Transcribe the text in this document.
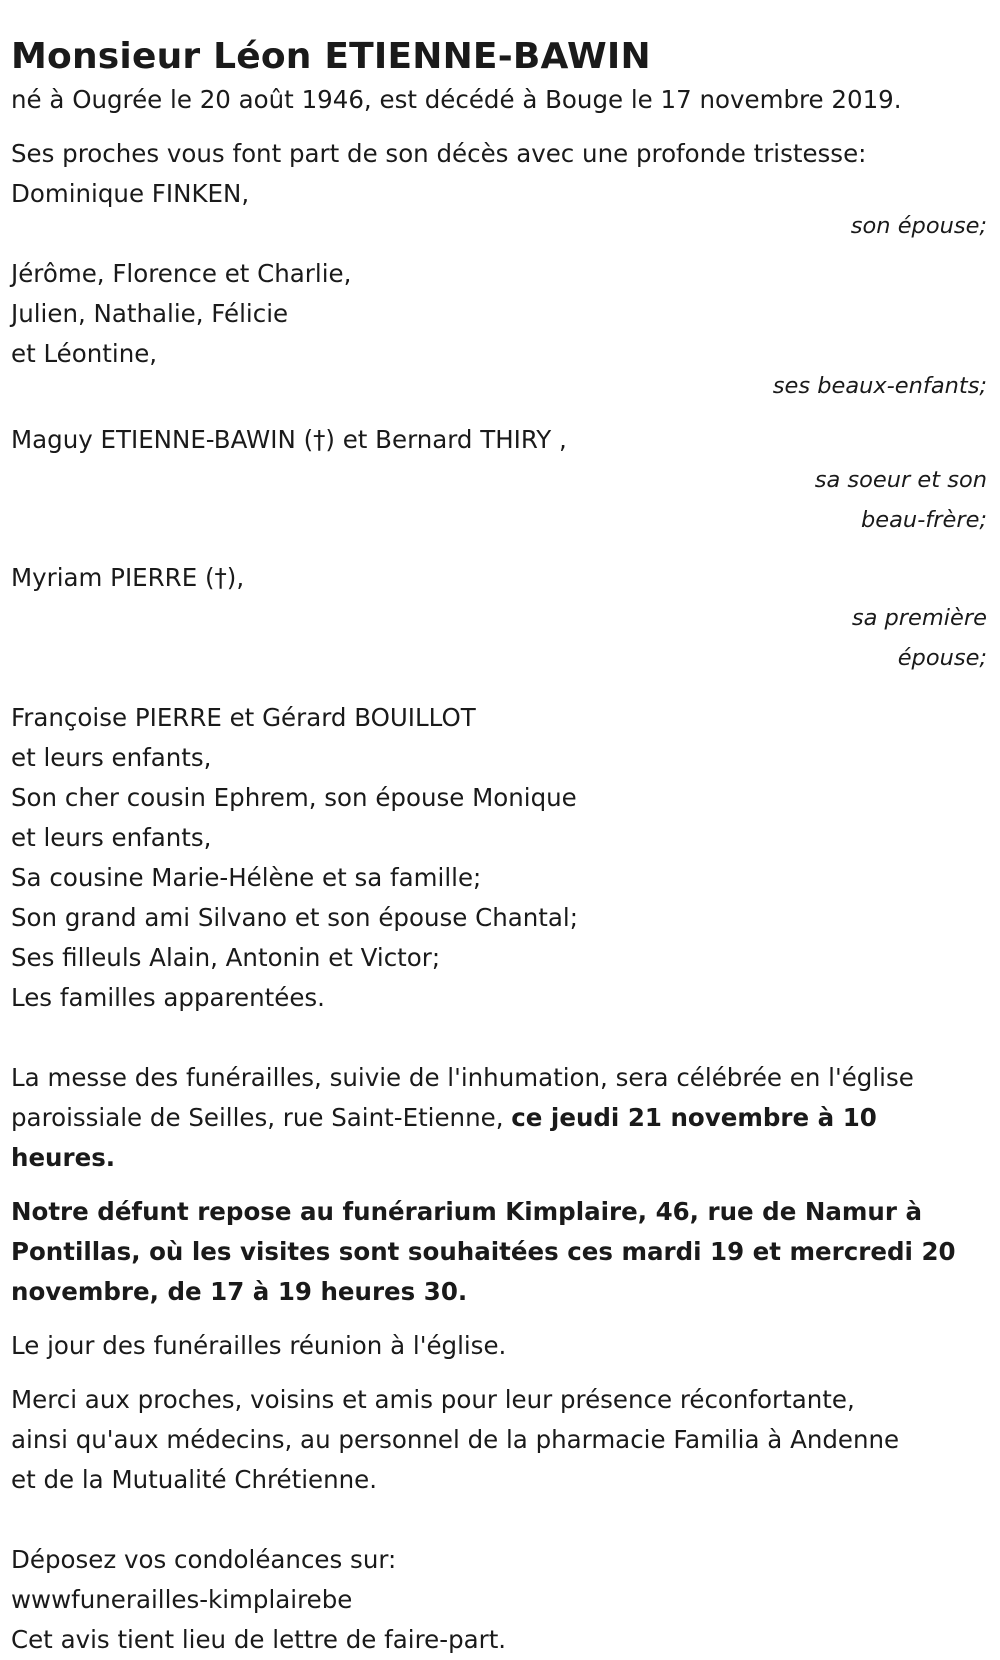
Monsieur Léon ETIENNE-BAWIN

né à Ougrée le 20 août 1946, est décédé à Bouge le 17 novembre 2019.

Ses proches vous font part de son décès avec une profonde tristesse:

Dominique FINKEN,

son épouse;

Jérôme, Florence et Charlie,

Julien, Nathalie, Félicie

et Léontine,

ses beaux-enfants;

Maguy ETIENNE-BAWIN (†) et Bernard THIRY ,

sa soeur et son

beau-frère;

Myriam PIERRE (†),

sa première

épouse;

Françoise PIERRE et Gérard BOUILLOT

et leurs enfants,

Son cher cousin Ephrem, son épouse Monique

et leurs enfants,

Sa cousine Marie-Hélène et sa famille;

Son grand ami Silvano et son épouse Chantal;

Ses filleuls Alain, Antonin et Victor;

Les familles apparentées.

La messe des funérailles, suivie de l'inhumation, sera célébrée en l'église

paroissiale de Seilles, rue Saint-Etienne, ce jeudi 21 novembre à 10

heures.

Notre défunt repose au funérarium Kimplaire, 46, rue de Namur à

Pontillas, où les visites sont souhaitées ces mardi 19 et mercredi 20

novembre, de 17 à 19 heures 30.

Le jour des funérailles réunion à l'église.

Merci aux proches, voisins et amis pour leur présence réconfortante,

ainsi qu'aux médecins, au personnel de la pharmacie Familia à Andenne

et de la Mutualité Chrétienne.

Déposez vos condoléances sur:

wwwfunerailles-kimplairebe

Cet avis tient lieu de lettre de faire-part.
